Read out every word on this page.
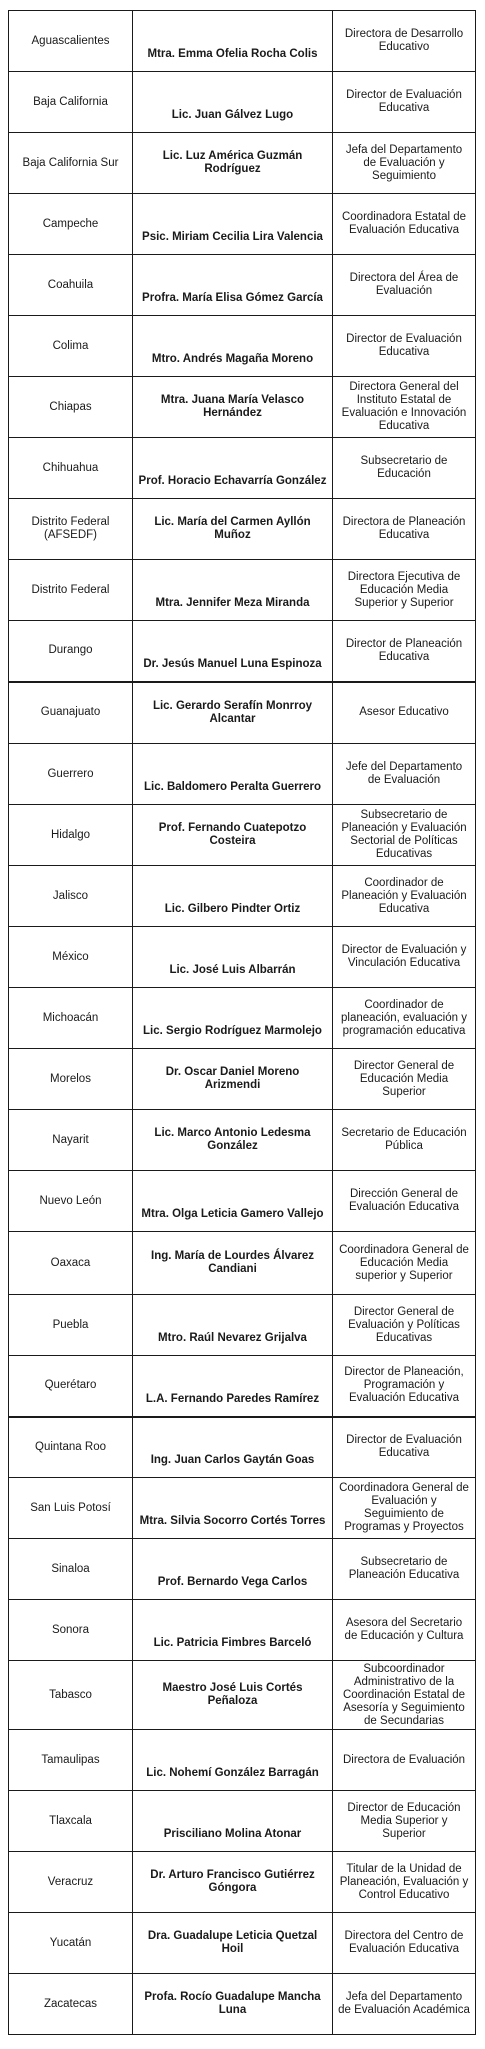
Aguascalientes	Mtra. Emma Ofelia Rocha Colis	Directora de Desarrollo Educativo
Baja California	Lic. Juan Gálvez Lugo	Director de Evaluación Educativa
Baja California Sur	Lic. Luz América Guzmán Rodríguez	Jefa del Departamento de Evaluación y Seguimiento
Campeche	Psic. Miriam Cecilia Lira Valencia	Coordinadora Estatal de Evaluación Educativa
Coahuila	Profra. María Elisa Gómez García	Directora del Área de Evaluación
Colima	Mtro. Andrés Magaña Moreno	Director de Evaluación Educativa
Chiapas	Mtra. Juana María Velasco Hernández	Directora General del Instituto Estatal de Evaluación e Innovación Educativa
Chihuahua	Prof. Horacio Echavarría González	Subsecretario de Educación
Distrito Federal (AFSEDF)	Lic. María del Carmen Ayllón Muñoz	Directora de Planeación Educativa
Distrito Federal	Mtra. Jennifer Meza Miranda	Directora Ejecutiva de Educación Media Superior y Superior
Durango	Dr. Jesús Manuel Luna Espinoza	Director de Planeación Educativa
Guanajuato	Lic. Gerardo Serafín Monrroy Alcantar	Asesor Educativo
Guerrero	Lic. Baldomero Peralta Guerrero	Jefe del Departamento de Evaluación
Hidalgo	Prof. Fernando Cuatepotzo Costeira	Subsecretario de Planeación y Evaluación Sectorial de Políticas Educativas
Jalisco	Lic. Gilbero Pindter Ortiz	Coordinador de Planeación y Evaluación Educativa
México	Lic. José Luis Albarrán	Director de Evaluación y Vinculación Educativa
Michoacán	Lic. Sergio Rodríguez Marmolejo	Coordinador de planeación, evaluación y programación educativa
Morelos	Dr. Oscar Daniel Moreno Arizmendi	Director General de Educación Media Superior
Nayarit	Lic. Marco Antonio Ledesma González	Secretario de Educación Pública
Nuevo León	Mtra. Olga Leticia Gamero Vallejo	Dirección General de Evaluación Educativa
Oaxaca	Ing. María de Lourdes Álvarez Candiani	Coordinadora General de Educación Media superior y Superior
Puebla	Mtro. Raúl Nevarez Grijalva	Director General de Evaluación y Políticas Educativas
Querétaro	L.A. Fernando Paredes Ramírez	Director de Planeación, Programación y Evaluación Educativa
Quintana Roo	Ing. Juan Carlos Gaytán Goas	Director de Evaluación Educativa
San Luis Potosí	Mtra. Silvia Socorro Cortés Torres	Coordinadora General de Evaluación y Seguimiento de Programas y Proyectos
Sinaloa	Prof. Bernardo Vega Carlos	Subsecretario de Planeación Educativa
Sonora	Lic. Patricia Fimbres Barceló	Asesora del Secretario de Educación y Cultura
Tabasco	Maestro José Luis Cortés Peñaloza	Subcoordinador Administrativo de la Coordinación Estatal de Asesoría y Seguimiento de Secundarias
Tamaulipas	Lic. Nohemí González Barragán	Directora de Evaluación
Tlaxcala	Prisciliano Molina Atonar	Director de Educación Media Superior y Superior
Veracruz	Dr. Arturo Francisco Gutiérrez Góngora	Titular de la Unidad de Planeación, Evaluación y Control Educativo
Yucatán	Dra. Guadalupe Leticia Quetzal Hoil	Directora del Centro de Evaluación Educativa
Zacatecas	Profa. Rocío Guadalupe Mancha Luna	Jefa del Departamento de Evaluación Académica
